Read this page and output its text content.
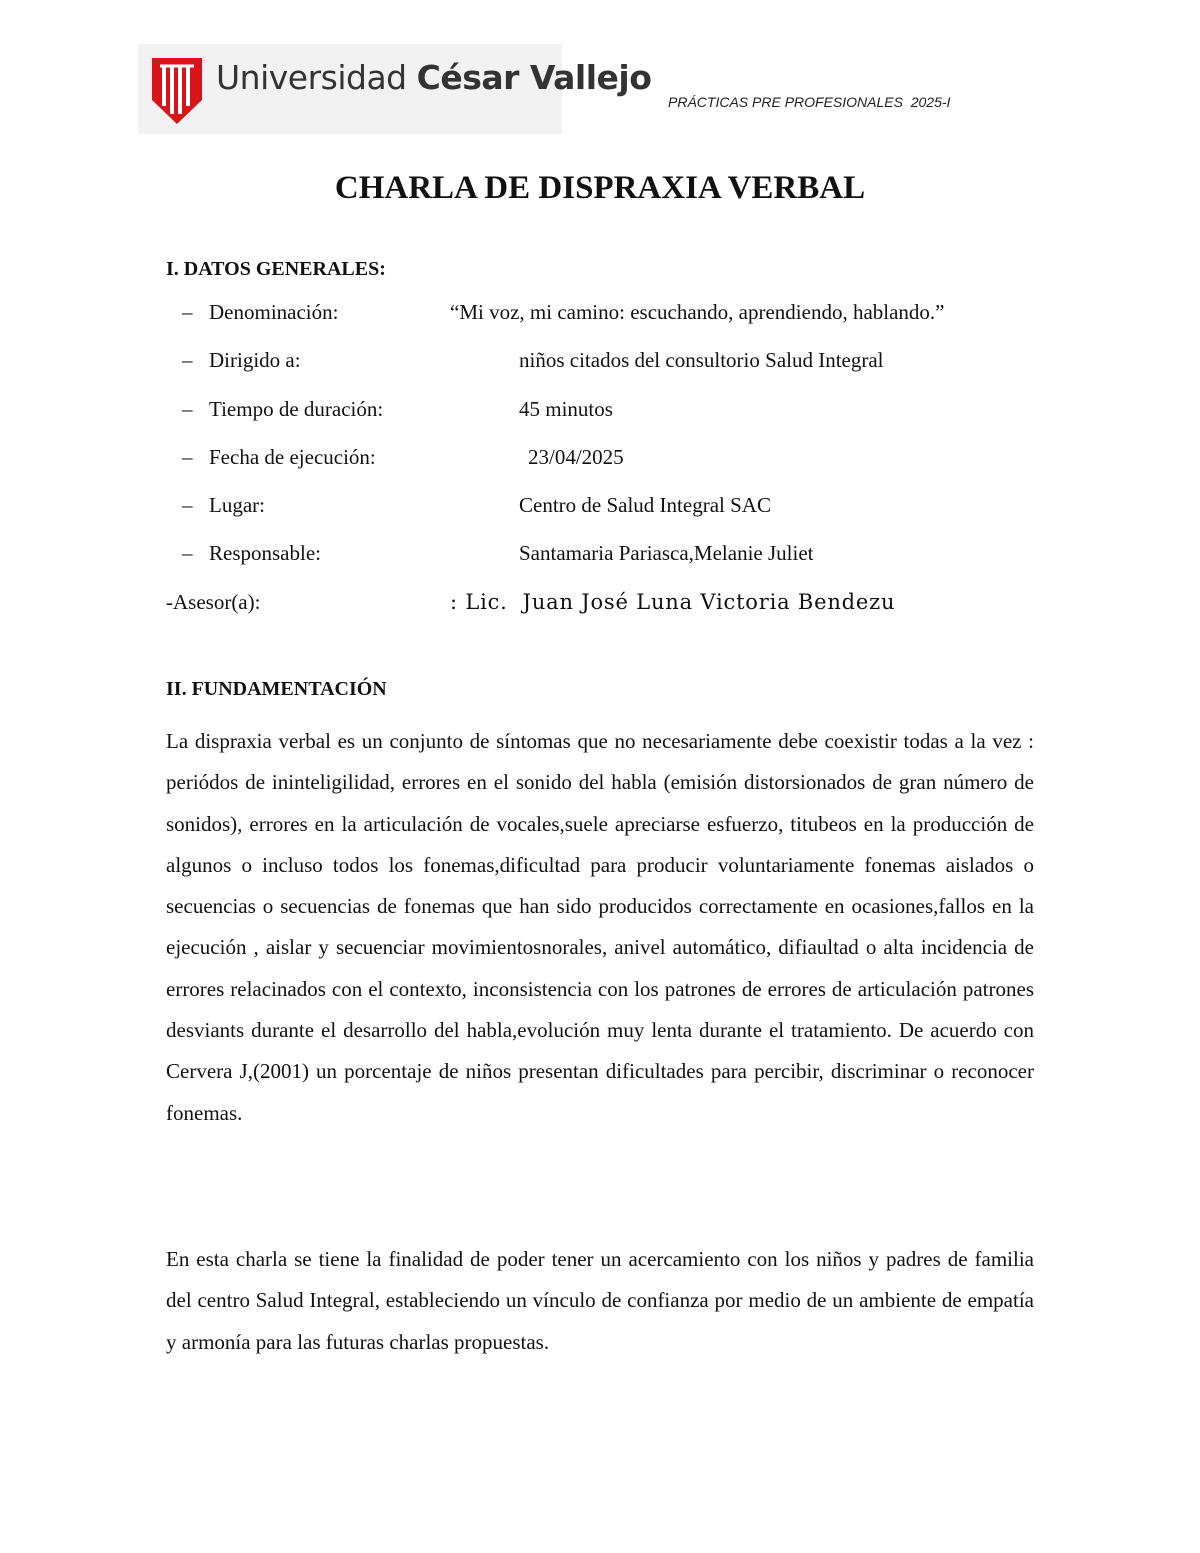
Universidad César Vallejo
PRÁCTICAS PRE PROFESIONALES  2025-I
CHARLA DE DISPRAXIA VERBAL
I. DATOS GENERALES:
– Denominación:	“Mi voz, mi camino: escuchando, aprendiendo, hablando.”
– Dirigido a:	niños citados del consultorio Salud Integral
– Tiempo de duración:	45 minutos
– Fecha de ejecución:	23/04/2025
– Lugar:	Centro de Salud Integral SAC
– Responsable:	Santamaria Pariasca,Melanie Juliet
-Asesor(a):	: Lic.  Juan José Luna Victoria Bendezu
II. FUNDAMENTACIÓN

La dispraxia verbal es un conjunto de síntomas que no necesariamente debe coexistir todas a la vez : periódos de ininteligilidad, errores en el sonido del habla (emisión distorsionados de gran número de sonidos), errores en la articulación de vocales,suele apreciarse esfuerzo, titubeos en la producción de algunos o incluso todos los fonemas,dificultad para producir voluntariamente fonemas aislados o secuencias o secuencias de fonemas que han sido producidos correctamente en ocasiones,fallos en la ejecución , aislar y secuenciar movimientosnorales, anivel automático, difiaultad o alta incidencia de errores relacinados con el contexto, inconsistencia con los patrones de errores de articulación patrones desviants durante el desarrollo del habla,evolución muy lenta durante el tratamiento. De acuerdo con Cervera J,(2001) un porcentaje de niños presentan dificultades para percibir, discriminar o reconocer fonemas.

En esta charla se tiene la finalidad de poder tener un acercamiento con los niños y padres de familia del centro Salud Integral, estableciendo un vínculo de confianza por medio de un ambiente de empatía y armonía para las futuras charlas propuestas.
